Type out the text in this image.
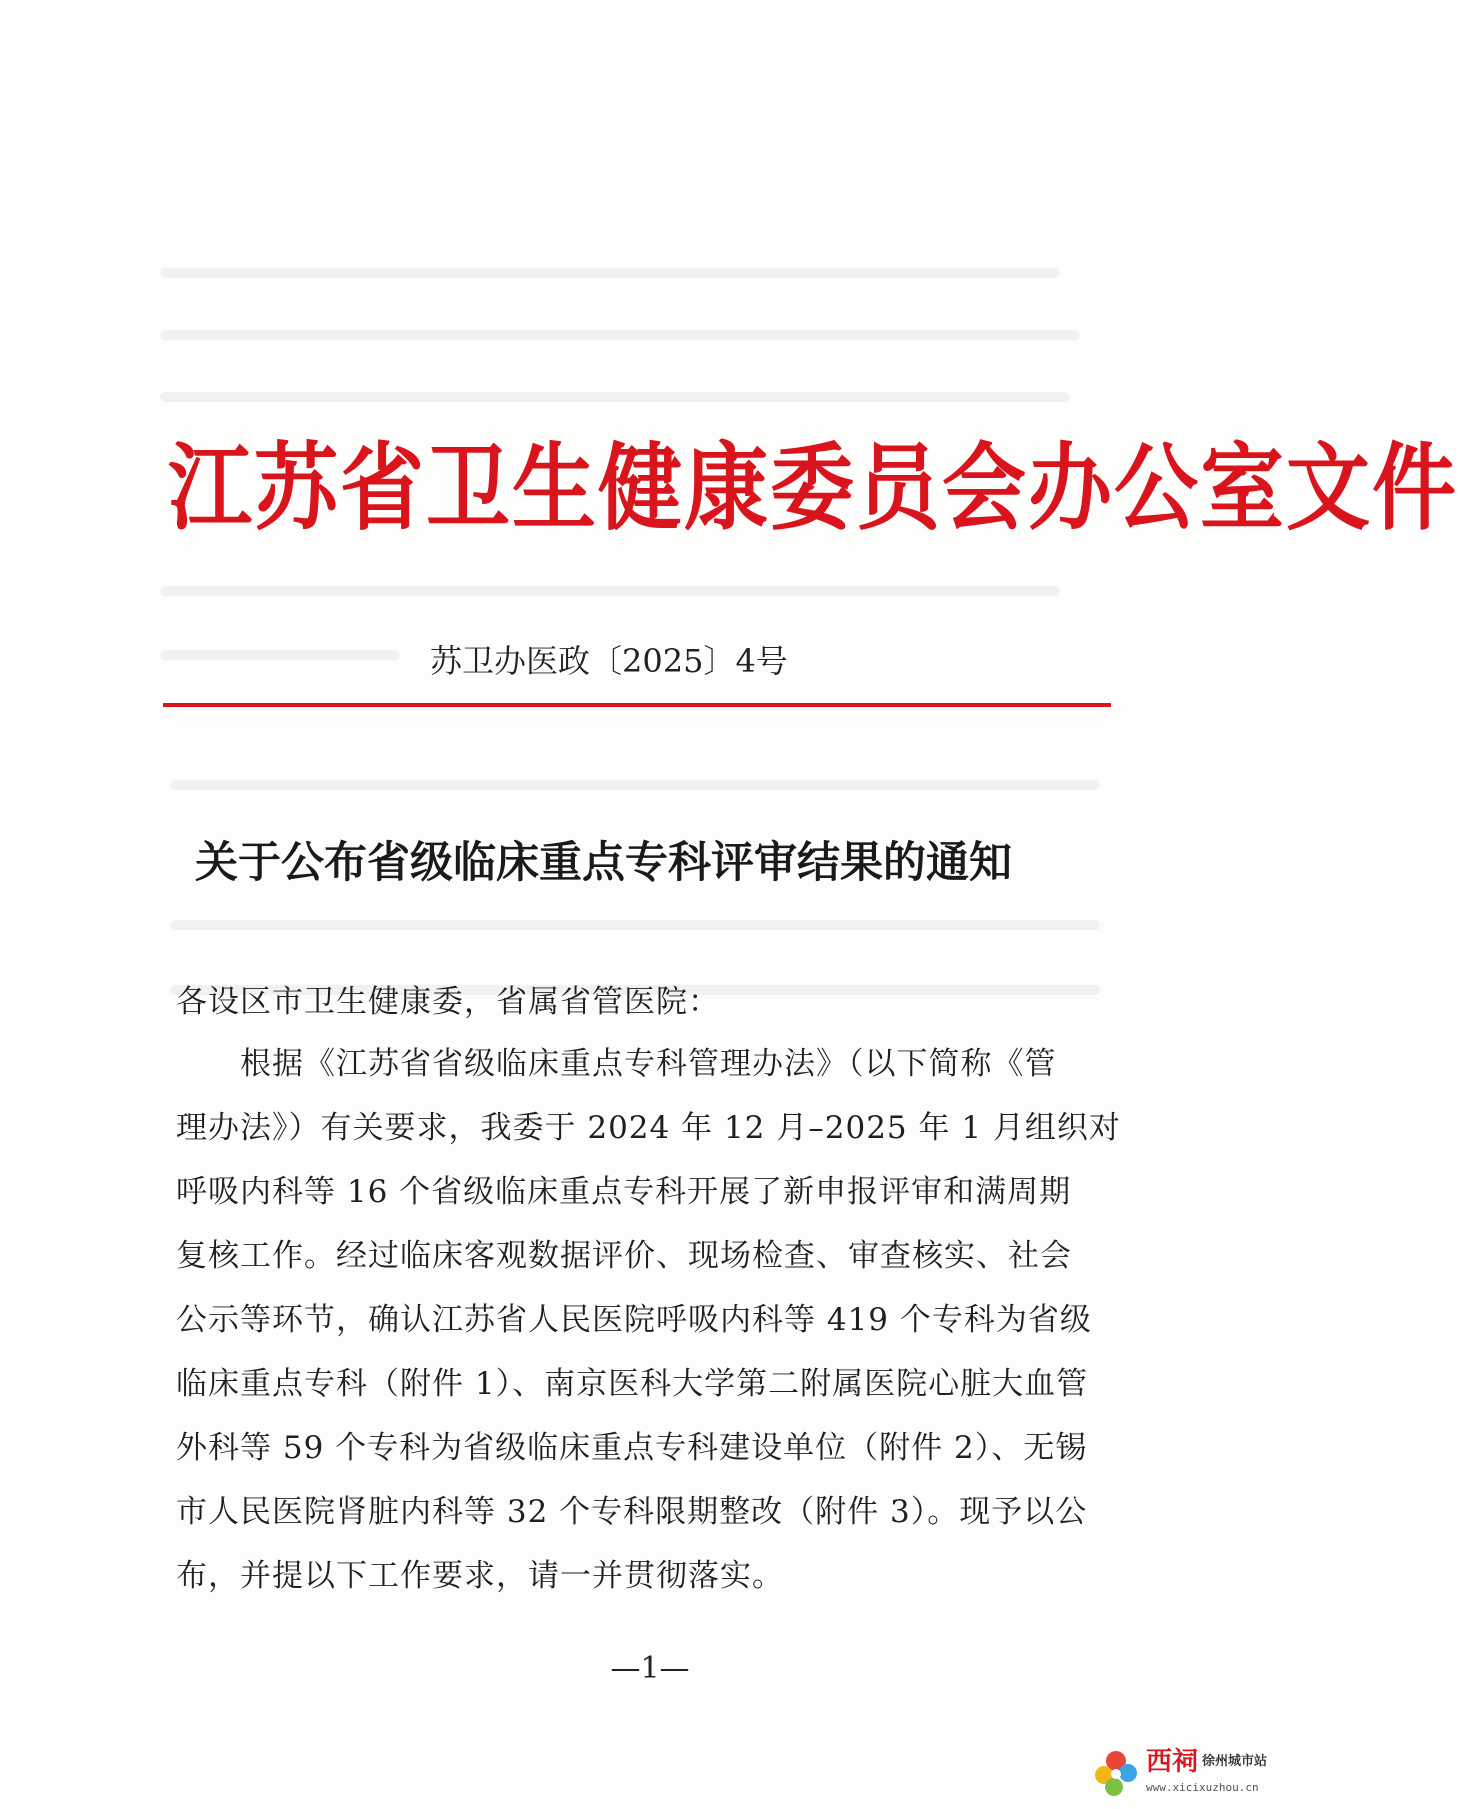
江苏省卫生健康委员会办公室文件
苏卫办医政〔2025〕4号
关于公布省级临床重点专科评审结果的通知
各设区市卫生健康委，省属省管医院：
　　根据《江苏省省级临床重点专科管理办法》（以下简称《管
理办法》）有关要求，我委于 2024 年 12 月–2025 年 1 月组织对
呼吸内科等 16 个省级临床重点专科开展了新申报评审和满周期
复核工作。经过临床客观数据评价、现场检查、审查核实、社会
公示等环节，确认江苏省人民医院呼吸内科等 419 个专科为省级
临床重点专科（附件 1）、南京医科大学第二附属医院心脏大血管
外科等 59 个专科为省级临床重点专科建设单位（附件 2）、无锡
市人民医院肾脏内科等 32 个专科限期整改（附件 3）。现予以公
布，并提以下工作要求，请一并贯彻落实。
—1—
西祠 徐州城市站
www.xicixuzhou.cn
